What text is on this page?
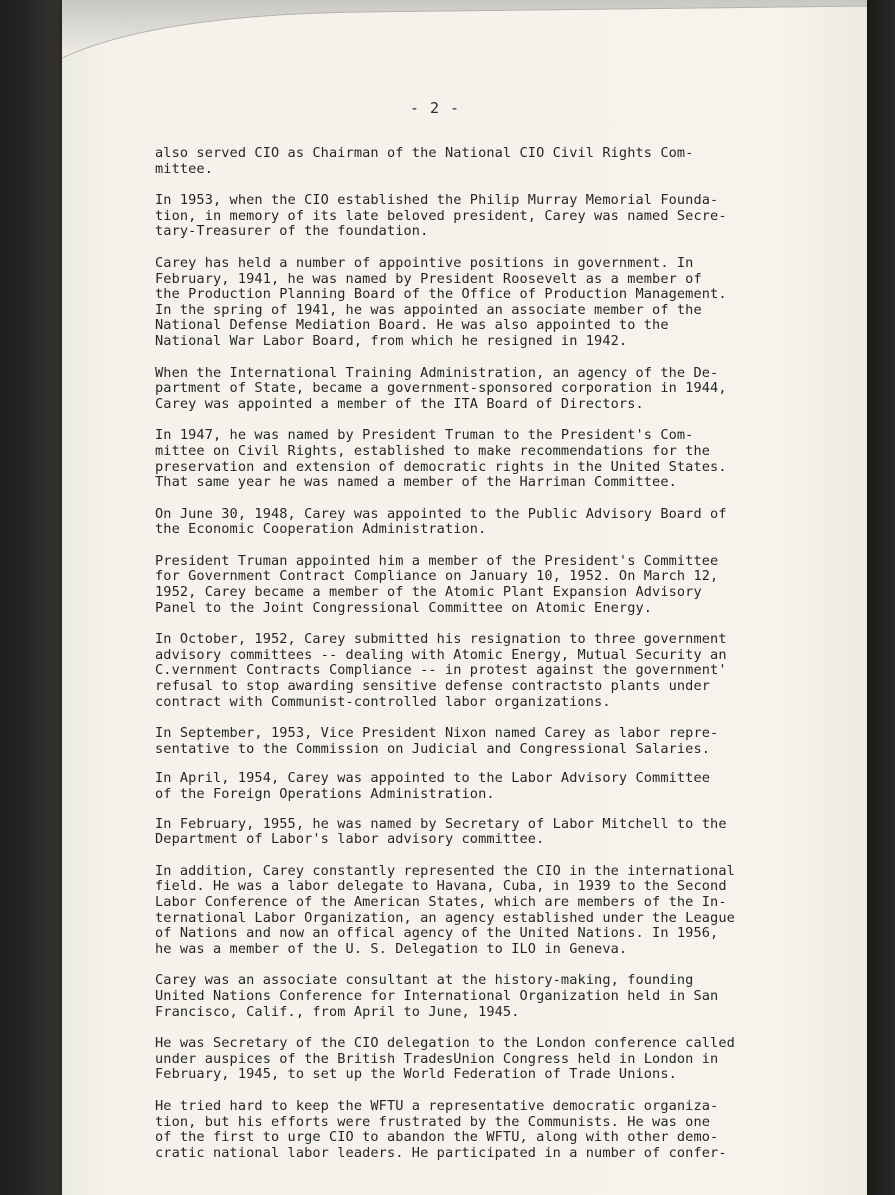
- 2 -

also served CIO as Chairman of the National CIO Civil Rights Com-
mittee.

In 1953, when the CIO established the Philip Murray Memorial Founda-
tion, in memory of its late beloved president, Carey was named Secre-
tary-Treasurer of the foundation.

Carey has held a number of appointive positions in government. In
February, 1941, he was named by President Roosevelt as a member of
the Production Planning Board of the Office of Production Management.
In the spring of 1941, he was appointed an associate member of the
National Defense Mediation Board. He was also appointed to the
National War Labor Board, from which he resigned in 1942.

When the International Training Administration, an agency of the De-
partment of State, became a government-sponsored corporation in 1944,
Carey was appointed a member of the ITA Board of Directors.

In 1947, he was named by President Truman to the President's Com-
mittee on Civil Rights, established to make recommendations for the
preservation and extension of democratic rights in the United States.
That same year he was named a member of the Harriman Committee.

On June 30, 1948, Carey was appointed to the Public Advisory Board of
the Economic Cooperation Administration.

President Truman appointed him a member of the President's Committee
for Government Contract Compliance on January 10, 1952. On March 12,
1952, Carey became a member of the Atomic Plant Expansion Advisory
Panel to the Joint Congressional Committee on Atomic Energy.

In October, 1952, Carey submitted his resignation to three government
advisory committees -- dealing with Atomic Energy, Mutual Security an
C.vernment Contracts Compliance -- in protest against the government'
refusal to stop awarding sensitive defense contractsto plants under
contract with Communist-controlled labor organizations.

In September, 1953, Vice President Nixon named Carey as labor repre-
sentative to the Commission on Judicial and Congressional Salaries.

In April, 1954, Carey was appointed to the Labor Advisory Committee
of the Foreign Operations Administration.

In February, 1955, he was named by Secretary of Labor Mitchell to the
Department of Labor's labor advisory committee.

In addition, Carey constantly represented the CIO in the international
field. He was a labor delegate to Havana, Cuba, in 1939 to the Second
Labor Conference of the American States, which are members of the In-
ternational Labor Organization, an agency established under the League
of Nations and now an offical agency of the United Nations. In 1956,
he was a member of the U. S. Delegation to ILO in Geneva.

Carey was an associate consultant at the history-making, founding
United Nations Conference for International Organization held in San
Francisco, Calif., from April to June, 1945.

He was Secretary of the CIO delegation to the London conference called
under auspices of the British TradesUnion Congress held in London in
February, 1945, to set up the World Federation of Trade Unions.

He tried hard to keep the WFTU a representative democratic organiza-
tion, but his efforts were frustrated by the Communists. He was one
of the first to urge CIO to abandon the WFTU, along with other demo-
cratic national labor leaders. He participated in a number of confer-
